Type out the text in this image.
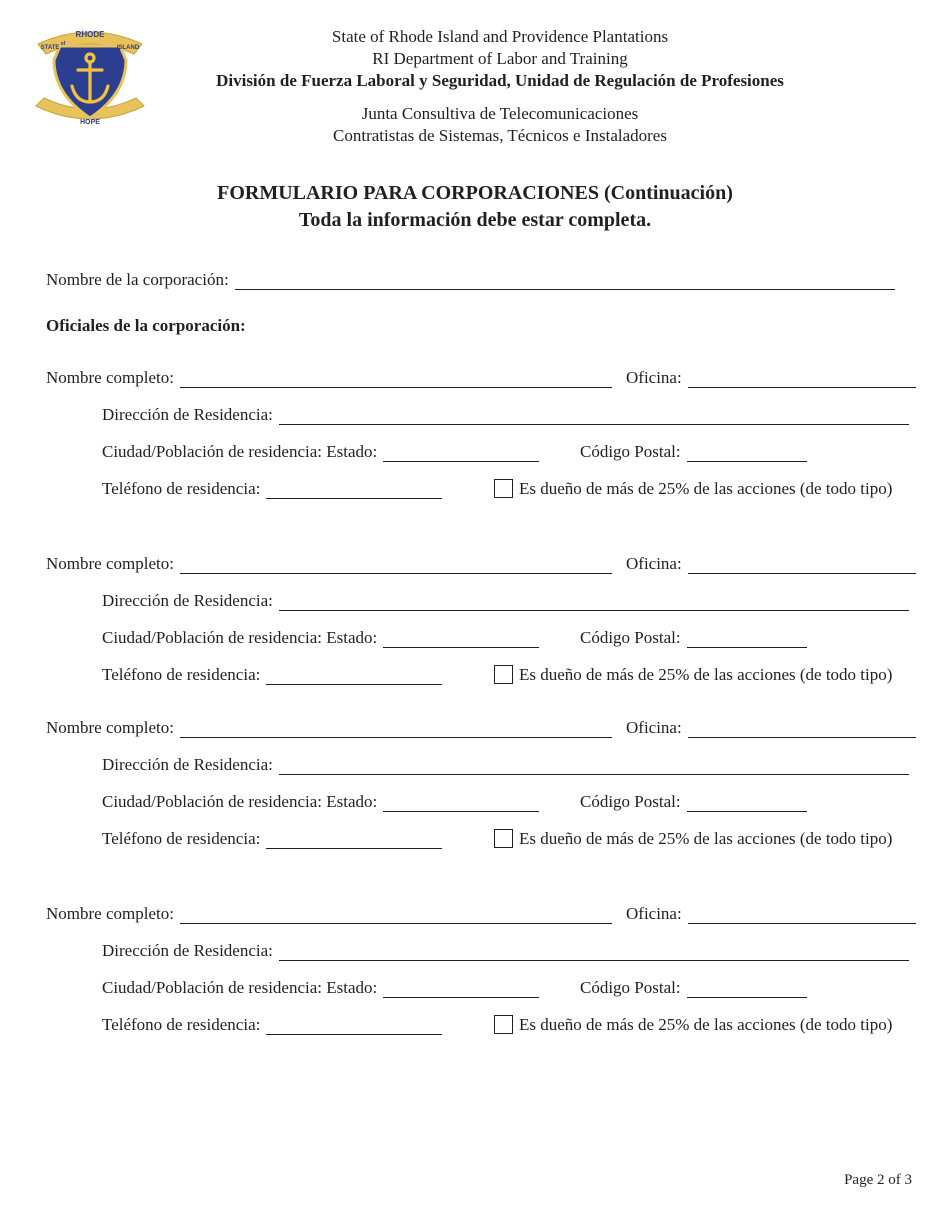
RHODE
STATE
of
ISLAND
HOPE
State of Rhode Island and Providence Plantations
RI Department of Labor and Training
División de Fuerza Laboral y Seguridad, Unidad de Regulación de Profesiones
Junta Consultiva de Telecomunicaciones
Contratistas de Sistemas, Técnicos e Instaladores
FORMULARIO PARA CORPORACIONES (Continuación)
Toda la información debe estar completa.
Nombre de la corporación:
Oficiales de la corporación:
Nombre completo:	Oficina:
Dirección de Residencia:
Ciudad/Población de residencia: Estado:	Código Postal:
Teléfono de residencia:	Es dueño de más de 25% de las acciones (de todo tipo)
Nombre completo:	Oficina:
Dirección de Residencia:
Ciudad/Población de residencia: Estado:	Código Postal:
Teléfono de residencia:	Es dueño de más de 25% de las acciones (de todo tipo)
Nombre completo:	Oficina:
Dirección de Residencia:
Ciudad/Población de residencia: Estado:	Código Postal:
Teléfono de residencia:	Es dueño de más de 25% de las acciones (de todo tipo)
Nombre completo:	Oficina:
Dirección de Residencia:
Ciudad/Población de residencia: Estado:	Código Postal:
Teléfono de residencia:	Es dueño de más de 25% de las acciones (de todo tipo)
Page 2 of 3
